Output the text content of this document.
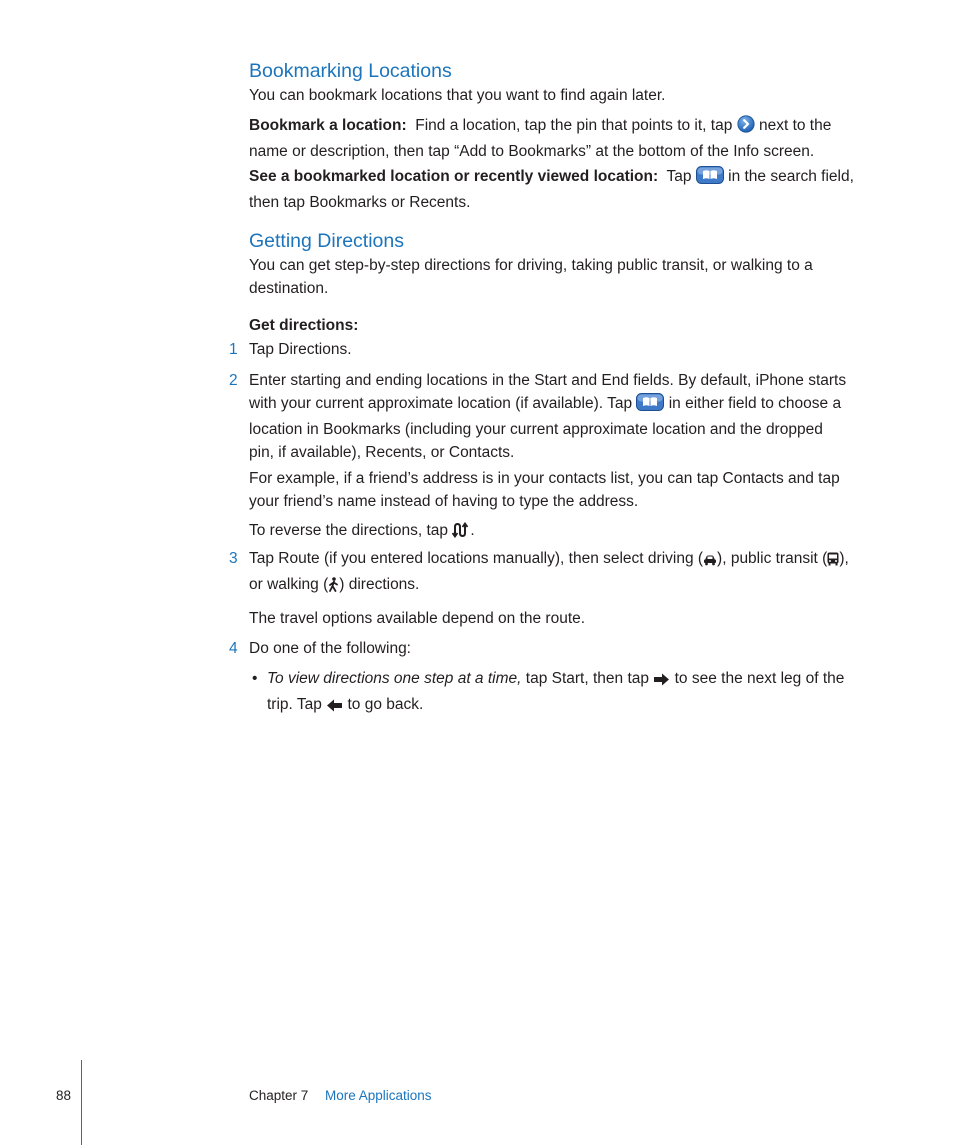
Bookmarking Locations

You can bookmark locations that you want to find again later.

Bookmark a location: Find a location, tap the pin that points to it, tap next to the
name or description, then tap “Add to Bookmarks” at the bottom of the Info screen.

See a bookmarked location or recently viewed location: Tap in the search field,
then tap Bookmarks or Recents.

Getting Directions

You can get step-by-step directions for driving, taking public transit, or walking to a
destination.

Get directions:

1 Tap Directions.

2 Enter starting and ending locations in the Start and End fields. By default, iPhone starts
with your current approximate location (if available). Tap in either field to choose a
location in Bookmarks (including your current approximate location and the dropped
pin, if available), Recents, or Contacts.

For example, if a friend’s address is in your contacts list, you can tap Contacts and tap
your friend’s name instead of having to type the address.

To reverse the directions, tap .

3 Tap Route (if you entered locations manually), then select driving ( ), public transit ( ),
or walking ( ) directions.

The travel options available depend on the route.

4 Do one of the following:

• To view directions one step at a time, tap Start, then tap to see the next leg of the
trip. Tap to go back.

88	Chapter 7 More Applications
